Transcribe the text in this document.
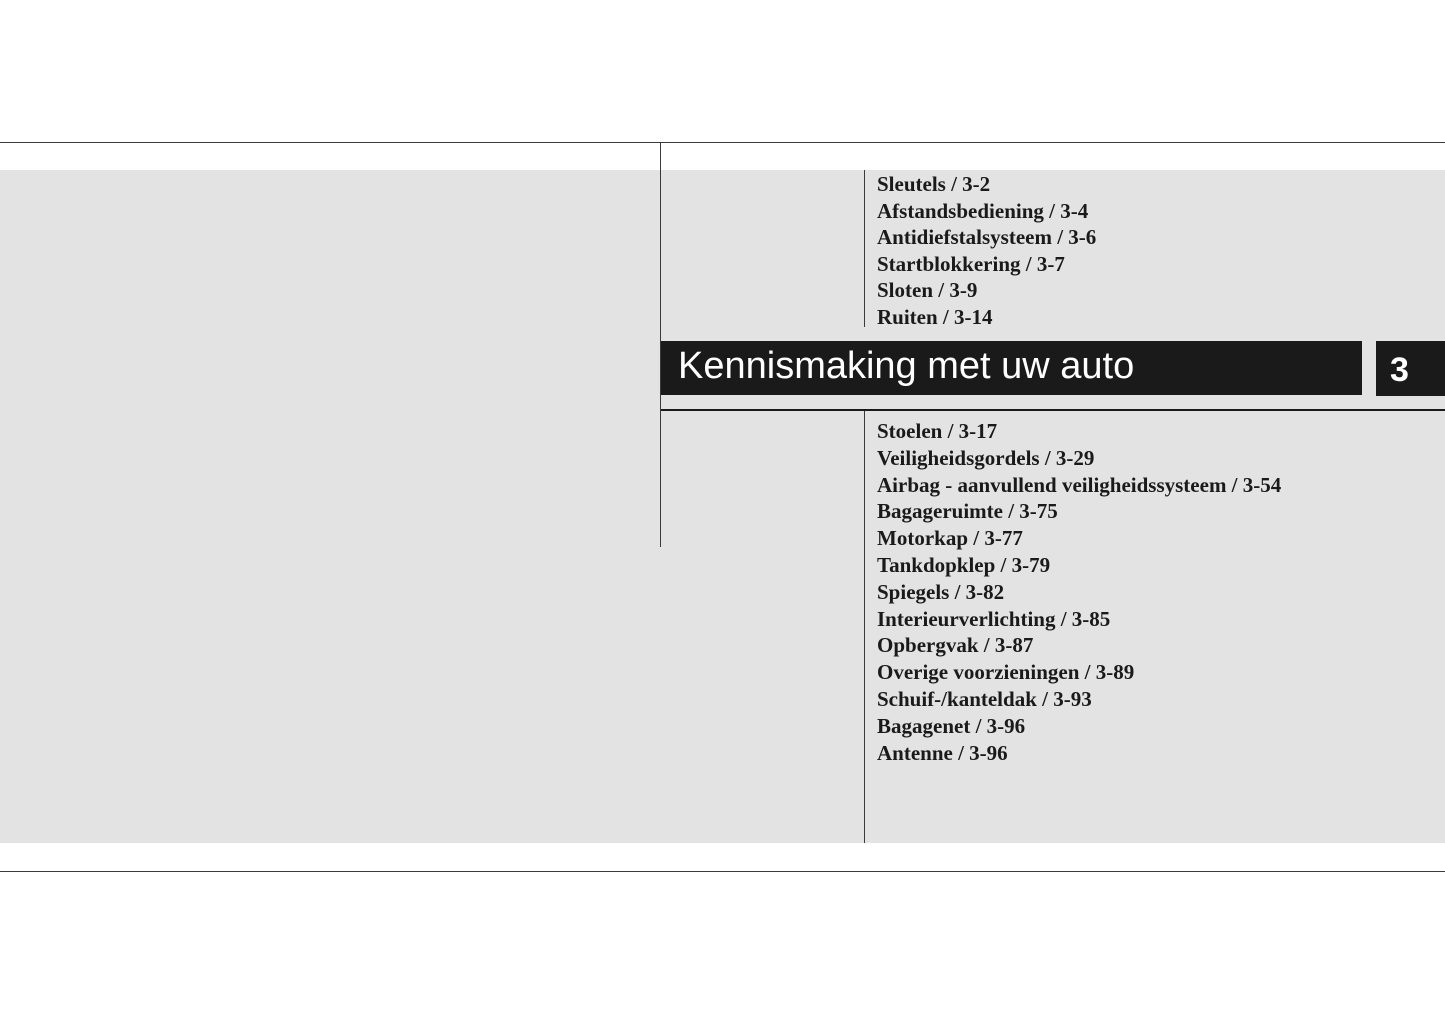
Sleutels / 3-2
Afstandsbediening / 3-4
Antidiefstalsysteem / 3-6
Startblokkering / 3-7
Sloten / 3-9
Ruiten / 3-14
Kennismaking met uw auto	3
Stoelen / 3-17
Veiligheidsgordels / 3-29
Airbag - aanvullend veiligheidssysteem / 3-54
Bagageruimte / 3-75
Motorkap / 3-77
Tankdopklep / 3-79
Spiegels / 3-82
Interieurverlichting / 3-85
Opbergvak / 3-87
Overige voorzieningen / 3-89
Schuif-/kanteldak / 3-93
Bagagenet / 3-96
Antenne / 3-96
